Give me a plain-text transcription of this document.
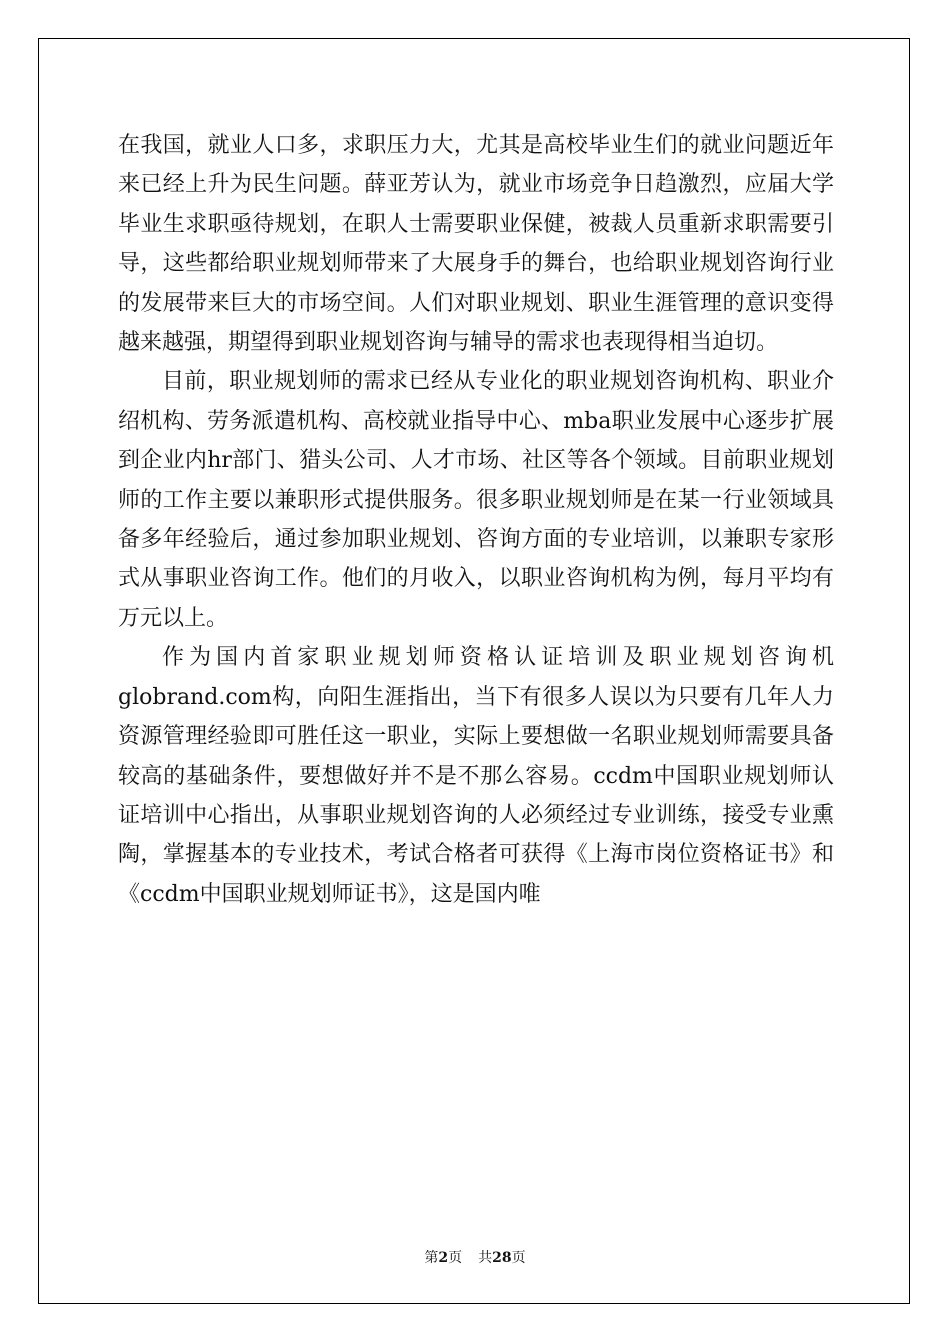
在我国，就业人口多，求职压力大，尤其是高校毕业生们的就业问题近年来已经上升为民生问题。薛亚芳认为，就业市场竞争日趋激烈，应届大学毕业生求职亟待规划，在职人士需要职业保健，被裁人员重新求职需要引导，这些都给职业规划师带来了大展身手的舞台，也给职业规划咨询行业的发展带来巨大的市场空间。人们对职业规划、职业生涯管理的意识变得越来越强，期望得到职业规划咨询与辅导的需求也表现得相当迫切。

目前，职业规划师的需求已经从专业化的职业规划咨询机构、职业介绍机构、劳务派遣机构、高校就业指导中心、mba职业发展中心逐步扩展到企业内hr部门、猎头公司、人才市场、社区等各个领域。目前职业规划师的工作主要以兼职形式提供服务。很多职业规划师是在某一行业领域具备多年经验后，通过参加职业规划、咨询方面的专业培训，以兼职专家形式从事职业咨询工作。他们的月收入，以职业咨询机构为例，每月平均有万元以上。

作为国内首家职业规划师资格认证培训及职业规划咨询机globrand.com构，向阳生涯指出，当下有很多人误以为只要有几年人力资源管理经验即可胜任这一职业，实际上要想做一名职业规划师需要具备较高的基础条件，要想做好并不是不那么容易。ccdm中国职业规划师认证培训中心指出，从事职业规划咨询的人必须经过专业训练，接受专业熏陶，掌握基本的专业技术，考试合格者可获得《上海市岗位资格证书》和《ccdm中国职业规划师证书》，这是国内唯

第2页 共28页
